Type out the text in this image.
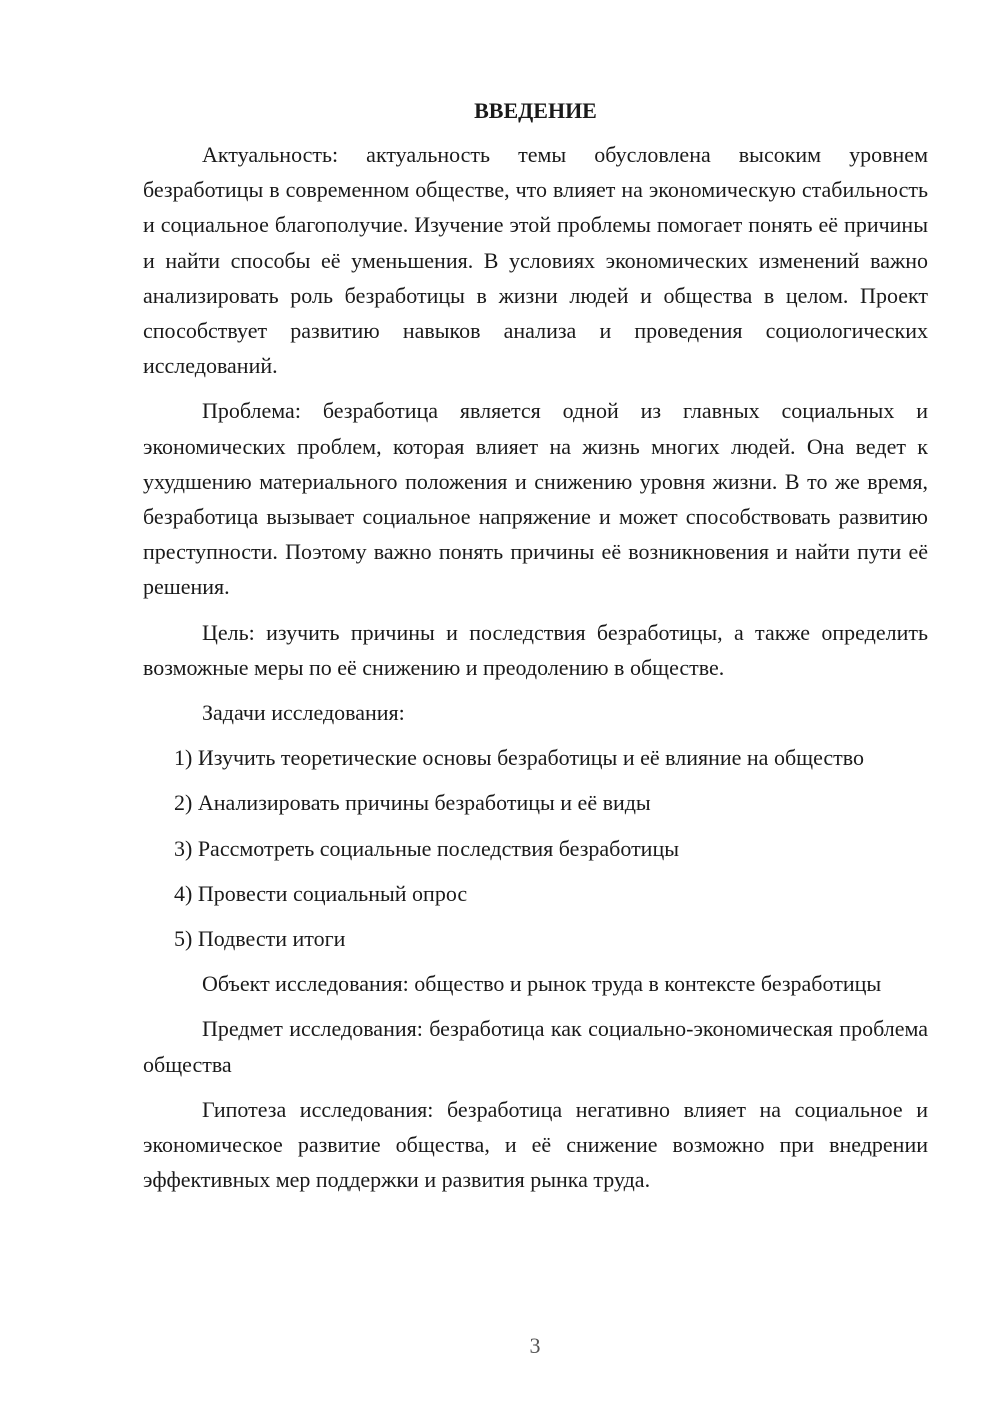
ВВЕДЕНИЕ

Актуальность: актуальность темы обусловлена высоким уровнем безработицы в современном обществе, что влияет на экономическую стабильность и социальное благополучие. Изучение этой проблемы помогает понять её причины и найти способы её уменьшения. В условиях экономических изменений важно анализировать роль безработицы в жизни людей и общества в целом. Проект способствует развитию навыков анализа и проведения социологических исследований.

Проблема: безработица является одной из главных социальных и экономических проблем, которая влияет на жизнь многих людей. Она ведет к ухудшению материального положения и снижению уровня жизни. В то же время, безработица вызывает социальное напряжение и может способствовать развитию преступности. Поэтому важно понять причины её возникновения и найти пути её решения.

Цель: изучить причины и последствия безработицы, а также определить возможные меры по её снижению и преодолению в обществе.

Задачи исследования:

1) Изучить теоретические основы безработицы и её влияние на общество

2) Анализировать причины безработицы и её виды

3) Рассмотреть социальные последствия безработицы

4) Провести социальный опрос

5) Подвести итоги

Объект исследования: общество и рынок труда в контексте безработицы

Предмет исследования: безработица как социально-экономическая проблема общества

Гипотеза исследования: безработица негативно влияет на социальное и экономическое развитие общества, и её снижение возможно при внедрении эффективных мер поддержки и развития рынка труда.

3
